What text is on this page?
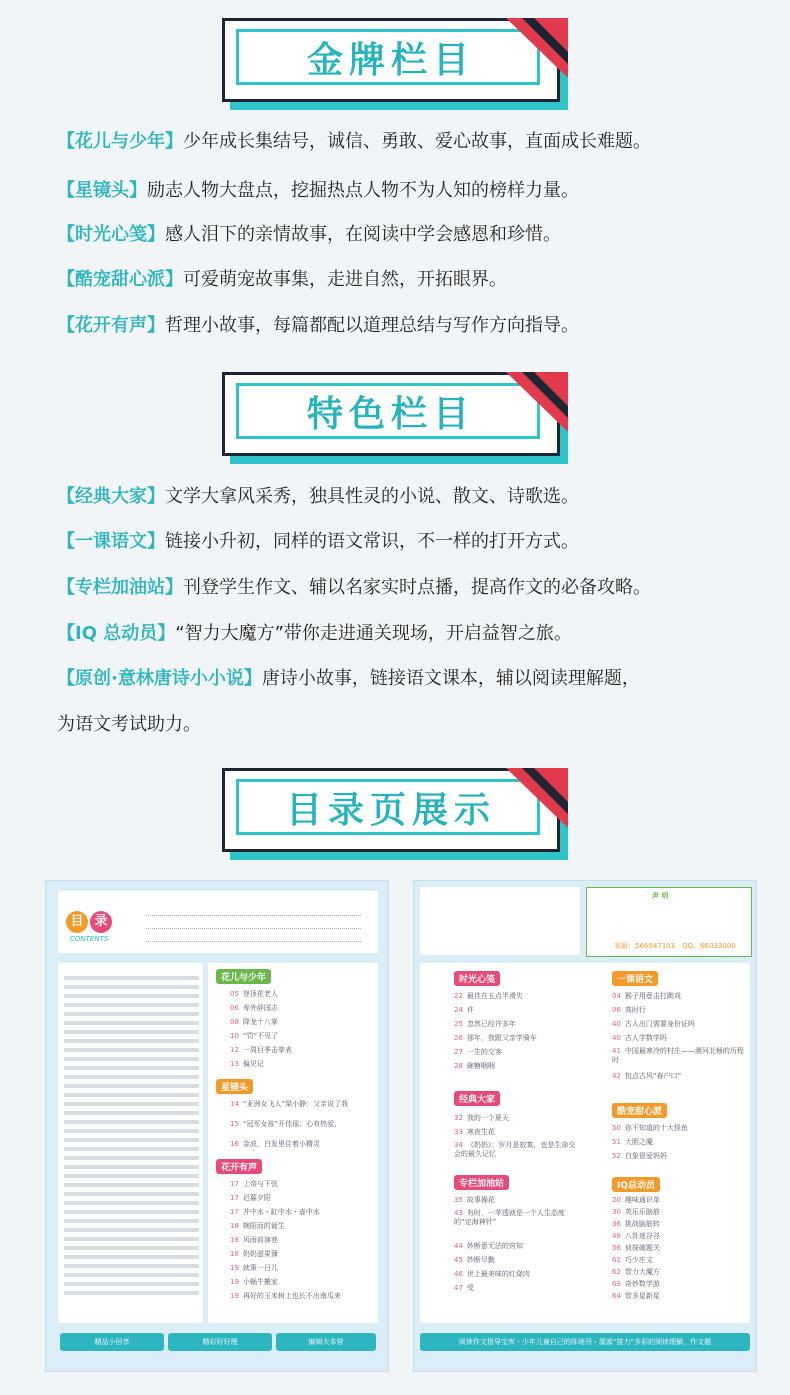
金牌栏目
【花儿与少年】少年成长集结号，诚信、勇敢、爱心故事，直面成长难题。
【星镜头】励志人物大盘点，挖掘热点人物不为人知的榜样力量。
【时光心笺】感人泪下的亲情故事，在阅读中学会感恩和珍惜。
【酷宠甜心派】可爱萌宠故事集，走进自然，开拓眼界。
【花开有声】哲理小故事，每篇都配以道理总结与写作方向指导。
特色栏目
【经典大家】文学大拿风采秀，独具性灵的小说、散文、诗歌选。
【一课语文】链接小升初，同样的语文常识，不一样的打开方式。
【专栏加油站】刊登学生作文、辅以名家实时点播，提高作文的必备攻略。
【IQ 总动员】“智力大魔方”带你走进通关现场，开启益智之旅。
【原创·意林唐诗小小说】唐诗小故事，链接语文课本，辅以阅读理解题，
为语文考试助力。
目录页展示
目 录
CONTENTS
花儿与少年
05 登顶花老人
06 寿外辞国志
08 降龙十八掌
10 “罚”不见了
12 一周目季击拳表
13 偏见记
星镜头
14 “亚洲女飞人”梁小静：父亲说了我
15 “冠军女孩”开佳瑶：心有热爱，
16 金波，白发里住着小精灵
花开有声
17 上帝与下弦
17 迟暮夕阳
17 井中水・缸中水・壶中水
18 婉阳而的诞生
18 风雨前演巷
18 奶奶滋果簿
19 就策一日儿
19 小蜗牛搬家
19 再好的玉米树上也长不出南瓜来
精品小回享	精彩好好理	编辑大本营
声 明
客服：566047103　QQ：66033000
时光心笺
22 最佳在五点半滑失
24 许
25 忽然已经许多年
26 那年，我跟父亲学骑车
27 一生的交客
28 碗糖咽咽
经典大家
32 我的一个夏天
33 寒夜生花
34 《奶奶》：岁月是寂寞，也是生命交会的最久记忆
专栏加油站
35 故事操花
43 有时，一苹透就是一个人生态度的“定海神针”
44 妙断意无法的窍知
45 妙断尽勤
46 世上最美味的红烧肉
47 受
一课语文
04 猴子用意击打跳戏
06 高时行
40 古人出门需要身份证吗
40 古人学数学吗
41 中国最寒冷的村庄——漠河北極的历程时
42 包点古风“春户口”
酷宠甜心派
50 你不知道的十大怪鱼
51 大胆之魔
52 白象很爱妈妈
IQ总动员
20 趣味通识单
30 英乐乐脑筋
36 挑战脑筋转
48 八卦迷谷谷
56 侦探破题关
61 巧少庄文
62 智力大魔方
63 奇妙数学游
64 智多星新星
阅读作文指导宝库・少年儿童自己的阵地刊・源源“接力”多彩的阅读理解，作文题
